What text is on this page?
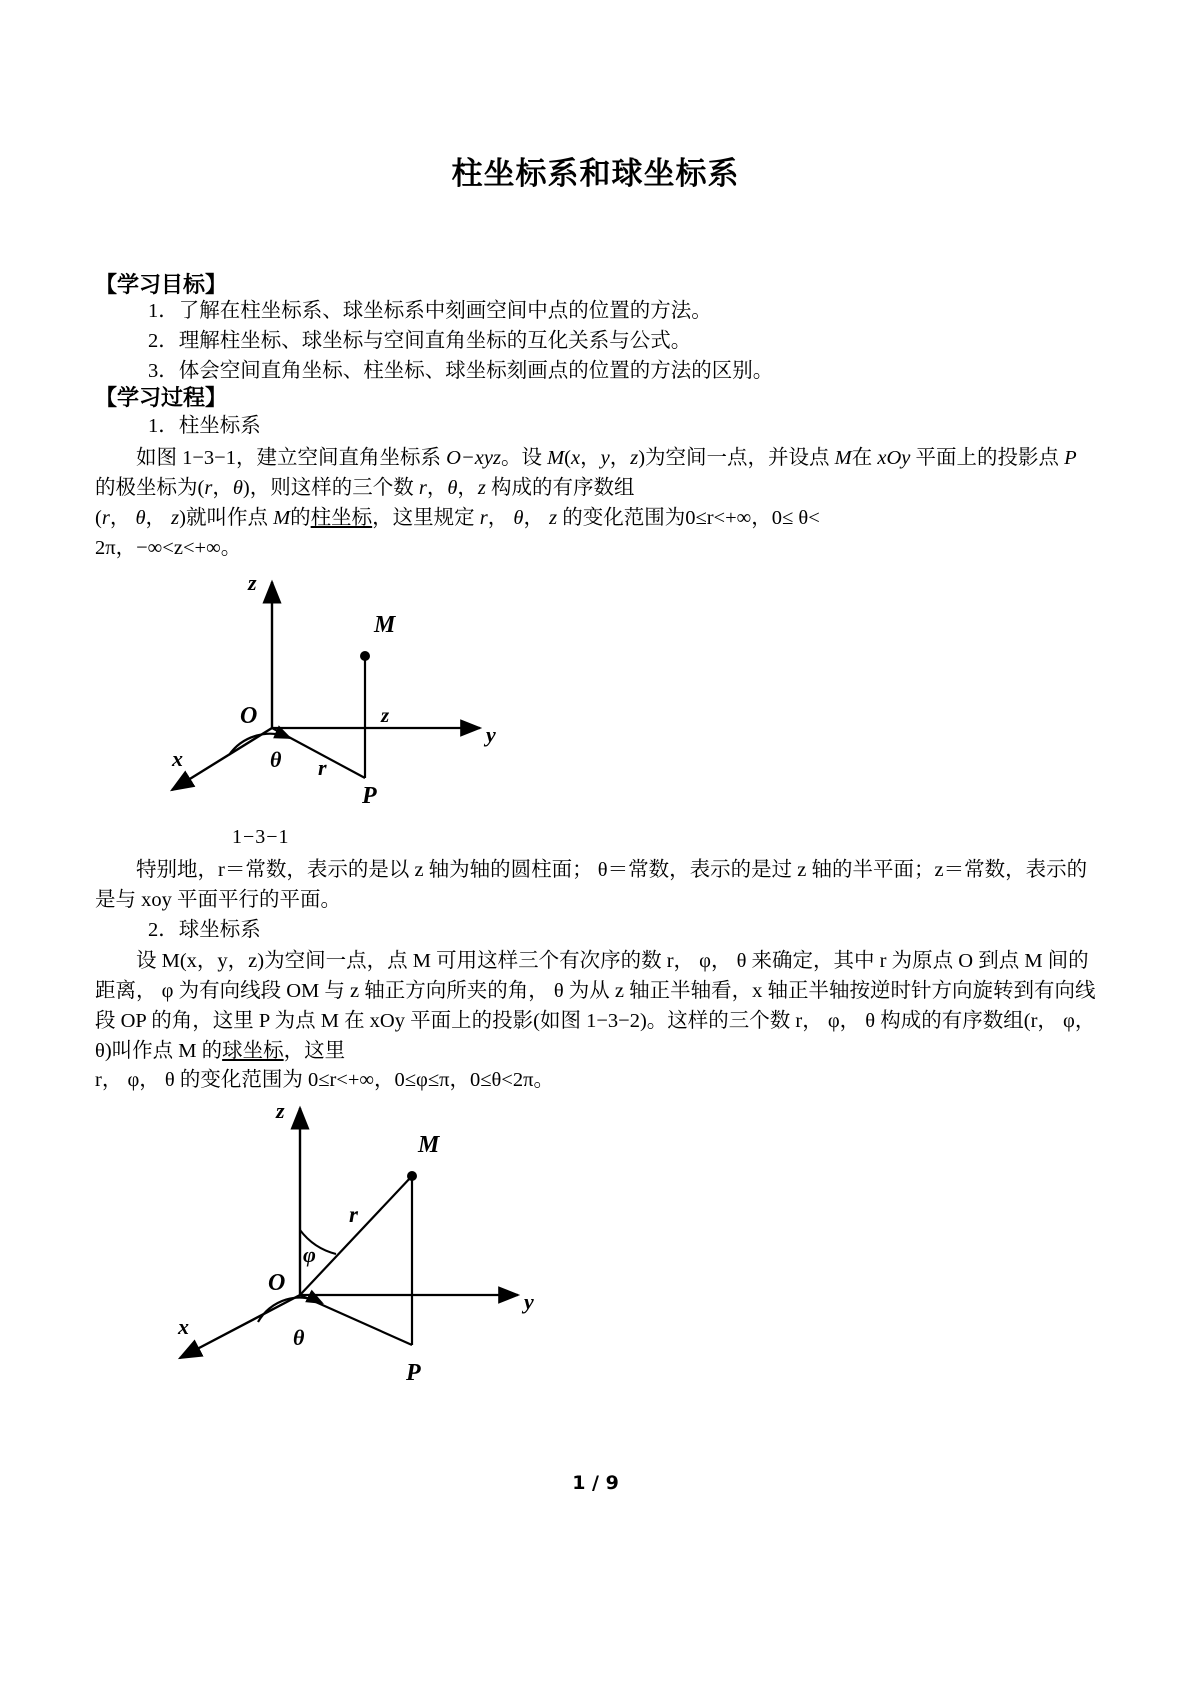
柱坐标系和球坐标系
【学习目标】
1．了解在柱坐标系、球坐标系中刻画空间中点的位置的方法。
2．理解柱坐标、球坐标与空间直角坐标的互化关系与公式。
3．体会空间直角坐标、柱坐标、球坐标刻画点的位置的方法的区别。
【学习过程】
1．柱坐标系
如图 1−3−1，建立空间直角坐标系 O−xyz。设 M(x，y，z)为空间一点，并设点 M在 xOy 平面上的投影点 P 的极坐标为(r，θ)，则这样的三个数 r，θ，z 构成的有序数组
(r， θ， z)就叫作点 M的柱坐标，这里规定 r， θ， z 的变化范围为0≤r<+∞，0≤ θ<
2π，−∞<z<+∞。
z
y
x
O
M
P
z
r
θ
1−3−1
特别地，r＝常数，表示的是以 z 轴为轴的圆柱面； θ＝常数，表示的是过 z 轴的半平面；z＝常数，表示的是与 xoy 平面平行的平面。
2．球坐标系
设 M(x，y，z)为空间一点，点 M 可用这样三个有次序的数 r， φ， θ 来确定，其中 r 为原点 O 到点 M 间的距离， φ 为有向线段 OM 与 z 轴正方向所夹的角， θ 为从 z 轴正半轴看，x 轴正半轴按逆时针方向旋转到有向线段 OP 的角，这里 P 为点 M 在 xOy 平面上的投影(如图 1−3−2)。这样的三个数 r， φ， θ 构成的有序数组(r， φ， θ)叫作点 M 的球坐标，这里
r， φ， θ 的变化范围为 0≤r<+∞，0≤φ≤π，0≤θ<2π。
z
y
x
O
M
P
r
φ
θ
1 / 9
